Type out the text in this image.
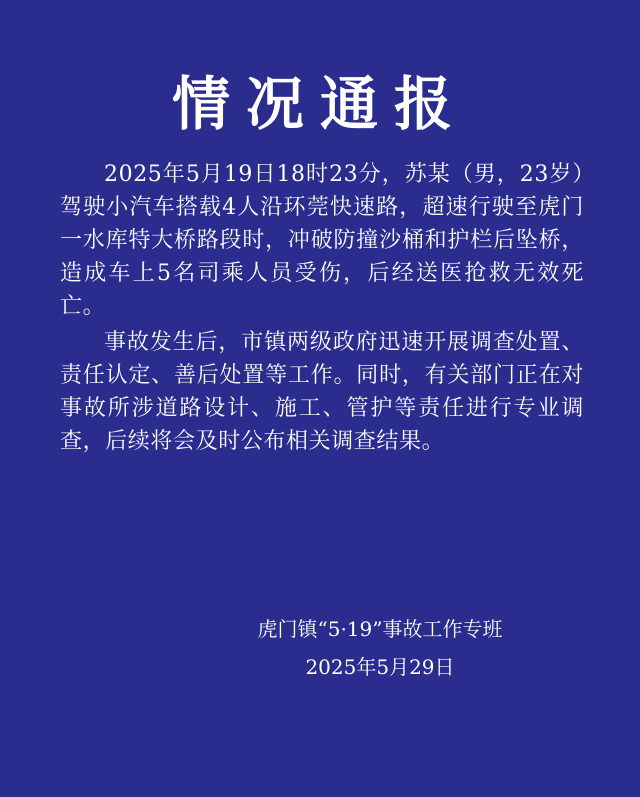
情况通报

2025年5月19日18时23分，苏某（男，23岁）驾驶小汽车搭载4人沿环莞快速路，超速行驶至虎门一水库特大桥路段时，冲破防撞沙桶和护栏后坠桥，造成车上5名司乘人员受伤，后经送医抢救无效死亡。

事故发生后，市镇两级政府迅速开展调查处置、责任认定、善后处置等工作。同时，有关部门正在对事故所涉道路设计、施工、管护等责任进行专业调查，后续将会及时公布相关调查结果。

虎门镇“5·19”事故工作专班
2025年5月29日
